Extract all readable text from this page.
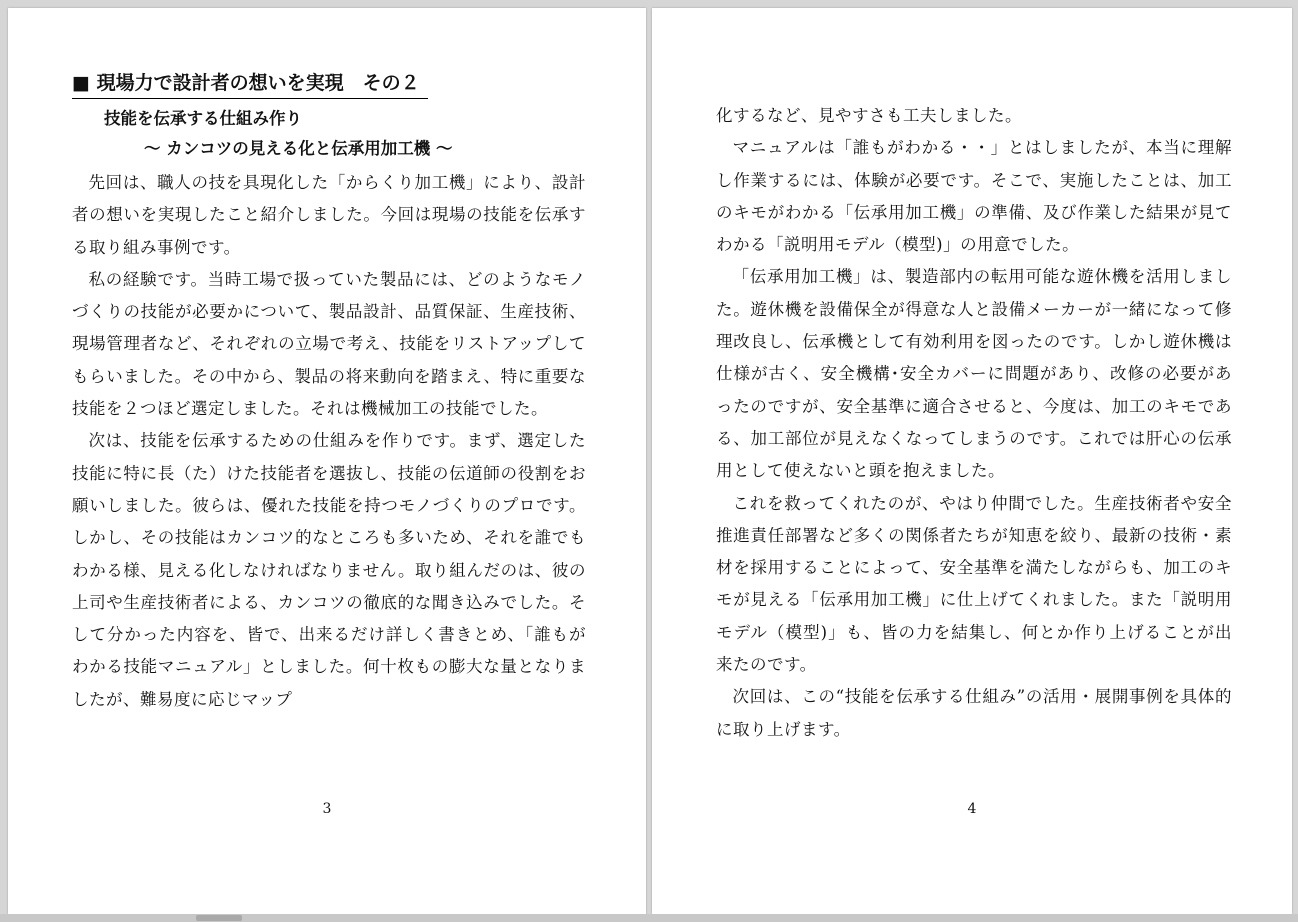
■ 現場力で設計者の想いを実現　その２
技能を伝承する仕組み作り
～ カンコツの見える化と伝承用加工機 ～

先回は、職人の技を具現化した「からくり加工機」により、設計者の想いを実現したこと紹介しました。今回は現場の技能を伝承する取り組み事例です。

私の経験です。当時工場で扱っていた製品には、どのようなモノづくりの技能が必要かについて、製品設計、品質保証、生産技術、現場管理者など、それぞれの立場で考え、技能をリストアップしてもらいました。その中から、製品の将来動向を踏まえ、特に重要な技能を２つほど選定しました。それは機械加工の技能でした。

次は、技能を伝承するための仕組みを作りです。まず、選定した技能に特に長（た）けた技能者を選抜し、技能の伝道師の役割をお願いしました。彼らは、優れた技能を持つモノづくりのプロです。しかし、その技能はカンコツ的なところも多いため、それを誰でもわかる様、見える化しなければなりません。取り組んだのは、彼の上司や生産技術者による、カンコツの徹底的な聞き込みでした。そして分かった内容を、皆で、出来るだけ詳しく書きとめ、「誰もがわかる技能マニュアル」としました。何十枚もの膨大な量となりましたが、難易度に応じマップ

3

化するなど、見やすさも工夫しました。

マニュアルは「誰もがわかる・・」とはしましたが、本当に理解し作業するには、体験が必要です。そこで、実施したことは、加工のキモがわかる「伝承用加工機」の準備、及び作業した結果が見てわかる「説明用モデル（模型)」の用意でした。

「伝承用加工機」は、製造部内の転用可能な遊休機を活用しました。遊休機を設備保全が得意な人と設備メーカーが一緒になって修理改良し、伝承機として有効利用を図ったのです。しかし遊休機は仕様が古く、安全機構･安全カバーに問題があり、改修の必要があったのですが、安全基準に適合させると、今度は、加工のキモである、加工部位が見えなくなってしまうのです。これでは肝心の伝承用として使えないと頭を抱えました。

これを救ってくれたのが、やはり仲間でした。生産技術者や安全推進責任部署など多くの関係者たちが知恵を絞り、最新の技術・素材を採用することによって、安全基準を満たしながらも、加工のキモが見える「伝承用加工機」に仕上げてくれました。また「説明用モデル（模型)」も、皆の力を結集し、何とか作り上げることが出来たのです。

次回は、この“技能を伝承する仕組み”の活用・展開事例を具体的に取り上げます。

4
